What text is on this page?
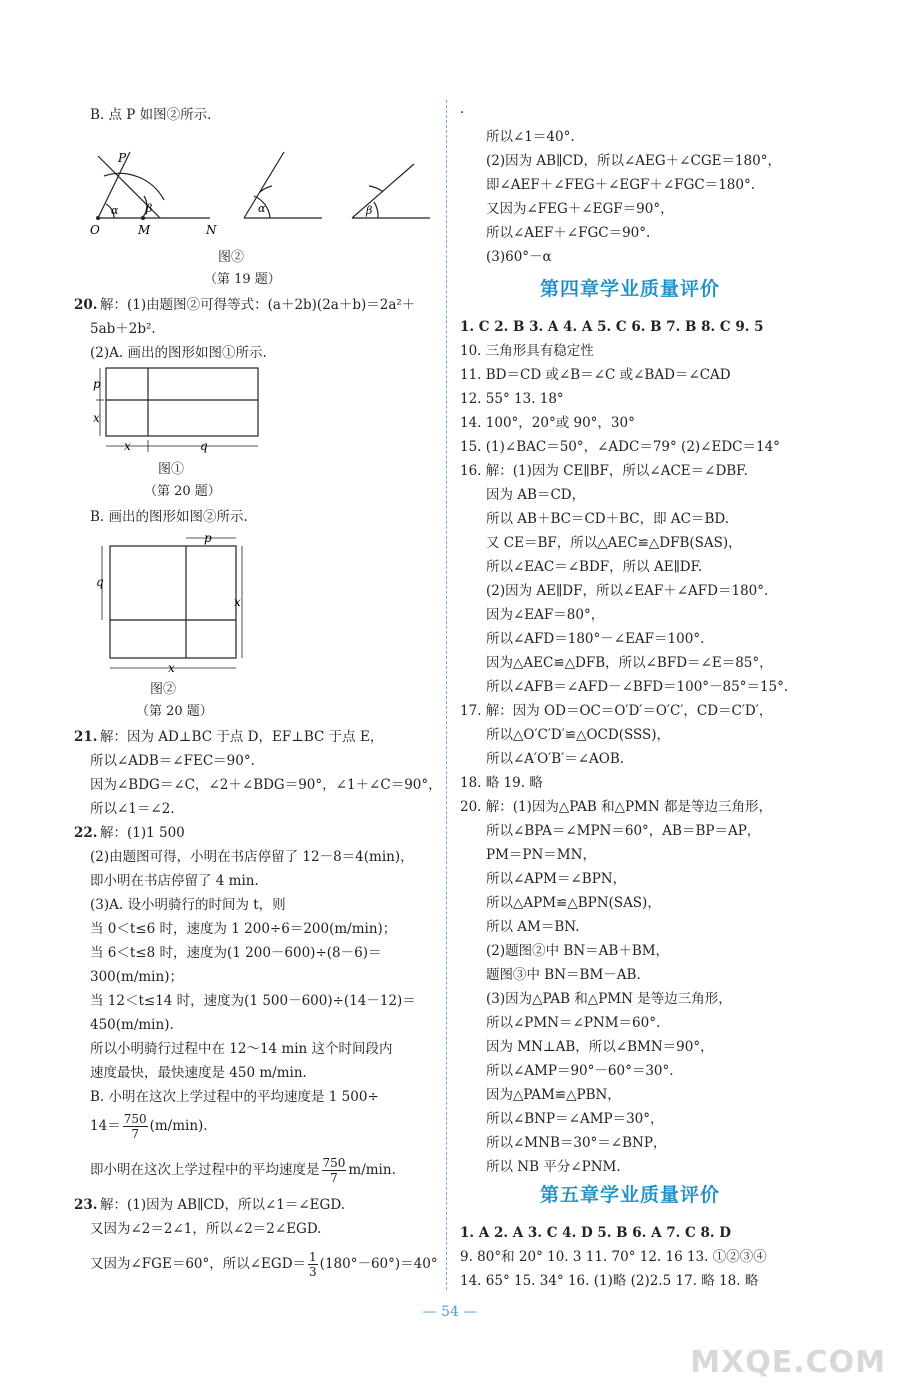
B. 点 P 如图②所示．
P
O	M	N
α	β	α	β
图②
（第 19 题）
20. 解：(1)由题图②可得等式：(a＋2b)(2a＋b)＝2a²＋
5ab＋2b².
(2)A. 画出的图形如图①所示.
p
x
x	q
图①
（第 20 题）
B. 画出的图形如图②所示.
p
q
x
x
图②
（第 20 题）
21. 解：因为 AD⊥BC 于点 D，EF⊥BC 于点 E，
所以∠ADB＝∠FEC＝90°.
因为∠BDG＝∠C，∠2＋∠BDG＝90°，∠1＋∠C＝90°，
所以∠1＝∠2.
22. 解：(1)1 500
(2)由题图可得，小明在书店停留了 12－8＝4(min)，
即小明在书店停留了 4 min.
(3)A. 设小明骑行的时间为 t，则
当 0＜t≤6 时，速度为 1 200÷6＝200(m/min)；
当 6＜t≤8 时，速度为(1 200－600)÷(8－6)＝
300(m/min)；
当 12＜t≤14 时，速度为(1 500－600)÷(14－12)＝
450(m/min).
所以小明骑行过程中在 12～14 min 这个时间段内
速度最快，最快速度是 450 m/min.
B. 小明在这次上学过程中的平均速度是 1 500÷
$14= \frac{750}{7} (m/\min)$.
即小明在这次上学过程中的平均速度是 $\frac{750}{7} m/\min$.
23. 解：(1)因为 AB∥CD，所以∠1＝∠EGD.
又因为∠2＝2∠1，所以∠2＝2∠EGD.
又因为∠FGE＝60°，所以∠EGD＝ $\frac{1}{3} (180^\circ-60^\circ)=40^\circ$
·
所以∠1＝40°.
(2)因为 AB∥CD，所以∠AEG＋∠CGE＝180°，
即∠AEF＋∠FEG＋∠EGF＋∠FGC＝180°.
又因为∠FEG＋∠EGF＝90°，
所以∠AEF＋∠FGC＝90°.
(3)60°－α
第四章学业质量评价
1. C 2. B 3. A 4. A 5. C 6. B 7. B 8. C 9. 5
10. 三角形具有稳定性
11. BD＝CD 或∠B＝∠C 或∠BAD＝∠CAD
12. 55° 13. 18°
14. 100°，20°或 90°，30°
15. (1)∠BAC＝50°，∠ADC＝79° (2)∠EDC＝14°
16. 解：(1)因为 CE∥BF，所以∠ACE＝∠DBF.
因为 AB＝CD，
所以 AB＋BC＝CD＋BC，即 AC＝BD.
又 CE＝BF，所以△AEC≌△DFB(SAS)，
所以∠EAC＝∠BDF，所以 AE∥DF.
(2)因为 AE∥DF，所以∠EAF＋∠AFD＝180°.
因为∠EAF＝80°，
所以∠AFD＝180°－∠EAF＝100°.
因为△AEC≌△DFB，所以∠BFD＝∠E＝85°，
所以∠AFB＝∠AFD－∠BFD＝100°－85°＝15°.
17. 解：因为 OD＝OC＝O′D′＝O′C′，CD＝C′D′，
所以△O′C′D′≌△OCD(SSS)，
所以∠A′O′B′＝∠AOB.
18. 略 19. 略
20. 解：(1)因为△PAB 和△PMN 都是等边三角形，
所以∠BPA＝∠MPN＝60°，AB＝BP＝AP，
PM＝PN＝MN，
所以∠APM＝∠BPN，
所以△APM≌△BPN(SAS)，
所以 AM＝BN.
(2)题图②中 BN＝AB＋BM，
题图③中 BN＝BM－AB.
(3)因为△PAB 和△PMN 是等边三角形，
所以∠PMN＝∠PNM＝60°.
因为 MN⊥AB，所以∠BMN＝90°，
所以∠AMP＝90°－60°＝30°.
因为△PAM≌△PBN，
所以∠BNP＝∠AMP＝30°，
所以∠MNB＝30°＝∠BNP，
所以 NB 平分∠PNM.
第五章学业质量评价
1. A 2. A 3. C 4. D 5. B 6. A 7. C 8. D
9. 80°和 20° 10. 3 11. 70° 12. 16 13. ①②③④
14. 65° 15. 34° 16. (1)略 (2)2.5 17. 略 18. 略
— 54 —
MXQE.COM
